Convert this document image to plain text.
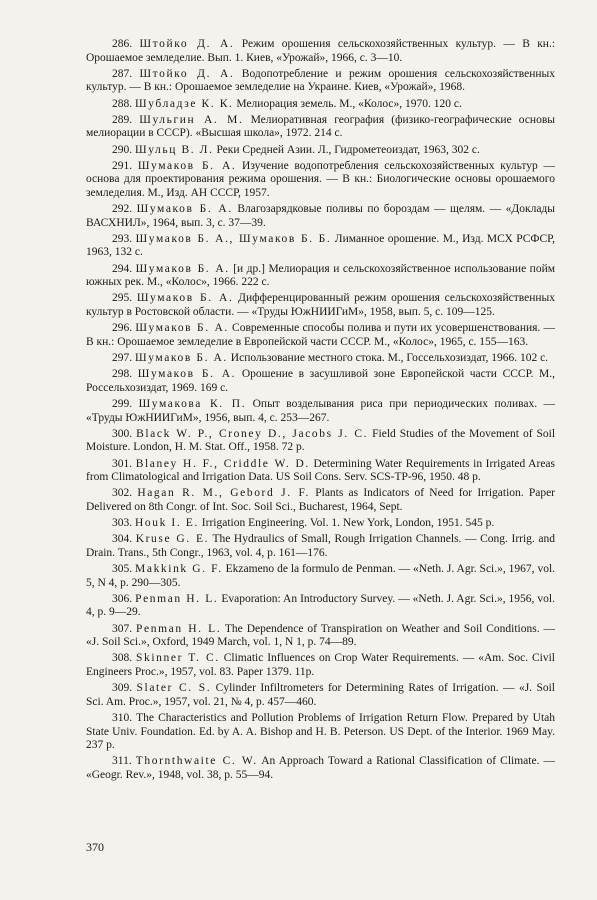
286. Штойко Д. А. Режим орошения сельскохозяйственных культур. — В кн.: Орошаемое земледелие. Вып. 1. Киев, «Урожай», 1966, с. 3—10.
287. Штойко Д. А. Водопотребление и режим орошения сельскохозяйственных культур. — В кн.: Орошаемое земледелие на Украине. Киев, «Урожай», 1968.
288. Шубладзе К. К. Мелиорация земель. М., «Колос», 1970. 120 с.
289. Шульгин А. М. Мелиоративная география (физико-географические основы мелиорации в СССР). «Высшая школа», 1972. 214 с.
290. Шульц В. Л. Реки Средней Азии. Л., Гидрометеоиздат, 1963, 302 с.
291. Шумаков Б. А. Изучение водопотребления сельскохозяйственных культур — основа для проектирования режима орошения. — В кн.: Биологические основы орошаемого земледелия. М., Изд. АН СССР, 1957.
292. Шумаков Б. А. Влагозарядковые поливы по бороздам — щелям. — «Доклады ВАСХНИЛ», 1964, вып. 3, с. 37—39.
293. Шумаков Б. А., Шумаков Б. Б. Лиманное орошение. М., Изд. МСХ РСФСР, 1963, 132 с.
294. Шумаков Б. А. [и др.] Мелиорация и сельскохозяйственное использование пойм южных рек. М., «Колос», 1966. 222 с.
295. Шумаков Б. А. Дифференцированный режим орошения сельскохозяйственных культур в Ростовской области. — «Труды ЮжНИИГиМ», 1958, вып. 5, с. 109—125.
296. Шумаков Б. А. Современные способы полива и пути их усовершенствования. — В кн.: Орошаемое земледелие в Европейской части СССР. М., «Колос», 1965, с. 155—163.
297. Шумаков Б. А. Использование местного стока. М., Госсельхозиздат, 1966. 102 с.
298. Шумаков Б. А. Орошение в засушливой зоне Европейской части СССР. М., Россельхозиздат, 1969. 169 с.
299. Шумакова К. П. Опыт возделывания риса при периодических поливах. — «Труды ЮжНИИГиМ», 1956, вып. 4, с. 253—267.
300. Black W. P., Croney D., Jacobs J. C. Field Studies of the Movement of Soil Moisture. London, H. M. Stat. Off., 1958. 72 p.
301. Blaney H. F., Criddle W. D. Determining Water Requirements in Irrigated Areas from Climatological and Irrigation Data. US Soil Cons. Serv. SCS-TP-96, 1950. 48 p.
302. Hagan R. M., Gebord J. F. Plants as Indicators of Need for Irrigation. Paper Delivered on 8th Congr. of Int. Soc. Soil Sci., Bucharest, 1964, Sept.
303. Houk I. E. Irrigation Engineering. Vol. 1. New York, London, 1951. 545 p.
304. Kruse G. E. The Hydraulics of Small, Rough Irrigation Channels. — Cong. Irrig. and Drain. Trans., 5th Congr., 1963, vol. 4, p. 161—176.
305. Makkink G. F. Ekzameno de la formulo de Penman. — «Neth. J. Agr. Sci.», 1967, vol. 5, N 4, p. 290—305.
306. Penman H. L. Evaporation: An Introductory Survey. — «Neth. J. Agr. Sci.», 1956, vol. 4, p. 9—29.
307. Penman H. L. The Dependence of Transpiration on Weather and Soil Conditions. — «J. Soil Sci.», Oxford, 1949 March, vol. 1, N 1, p. 74—89.
308. Skinner T. C. Climatic Influences on Crop Water Requirements. — «Am. Soc. Civil Engineers Proc.», 1957, vol. 83. Paper 1379. 11p.
309. Slater C. S. Cylinder Infiltrometers for Determining Rates of Irrigation. — «J. Soil Sci. Am. Proc.», 1957, vol. 21, № 4, p. 457—460.
310. The Characteristics and Pollution Problems of Irrigation Return Flow. Prepared by Utah State Univ. Foundation. Ed. by A. A. Bishop and H. B. Peterson. US Dept. of the Interior. 1969 May. 237 p.
311. Thornthwaite C. W. An Approach Toward a Rational Classification of Climate. — «Geogr. Rev.», 1948, vol. 38, p. 55—94.
370
